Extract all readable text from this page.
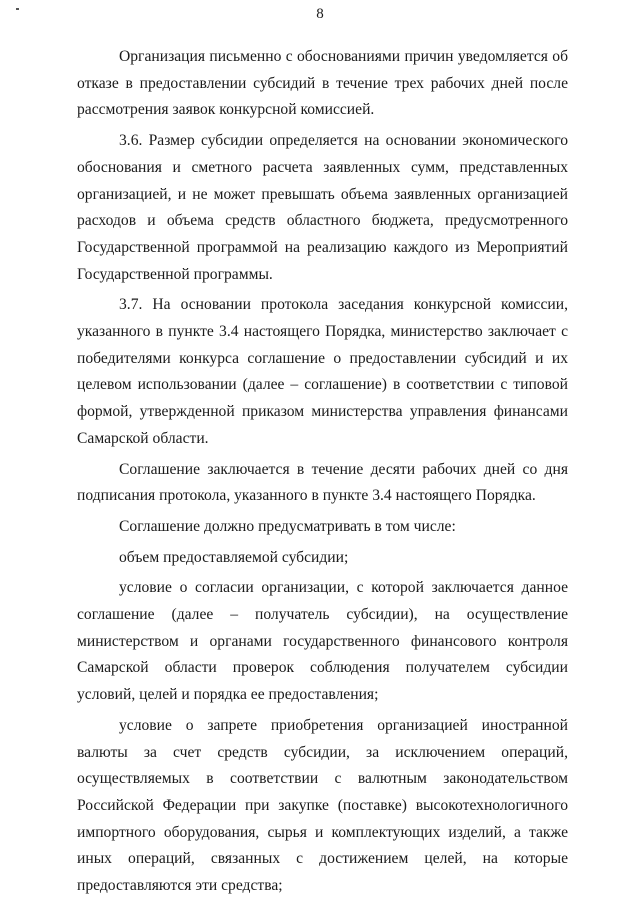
8

Организация письменно с обоснованиями причин уведомляется об отказе в предоставлении субсидий в течение трех рабочих дней после рассмотрения заявок конкурсной комиссией.

3.6. Размер субсидии определяется на основании экономического обоснования и сметного расчета заявленных сумм, представленных организацией, и не может превышать объема заявленных организацией расходов и объема средств областного бюджета, предусмотренного Государственной программой на реализацию каждого из Мероприятий Государственной программы.

3.7. На основании протокола заседания конкурсной комиссии, указанного в пункте 3.4 настоящего Порядка, министерство заключает с победителями конкурса соглашение о предоставлении субсидий и их целевом использовании (далее – соглашение) в соответствии с типовой формой, утвержденной приказом министерства управления финансами Самарской области.

Соглашение заключается в течение десяти рабочих дней со дня подписания протокола, указанного в пункте 3.4 настоящего Порядка.

Соглашение должно предусматривать в том числе:

объем предоставляемой субсидии;

условие о согласии организации, с которой заключается данное соглашение (далее – получатель субсидии), на осуществление министерством и органами государственного финансового контроля Самарской области проверок соблюдения получателем субсидии условий, целей и порядка ее предоставления;

условие о запрете приобретения организацией иностранной валюты за счет средств субсидии, за исключением операций, осуществляемых в соответствии с валютным законодательством Российской Федерации при закупке (поставке) высокотехнологичного импортного оборудования, сырья и комплектующих изделий, а также иных операций, связанных с достижением целей, на которые предоставляются эти средства;
